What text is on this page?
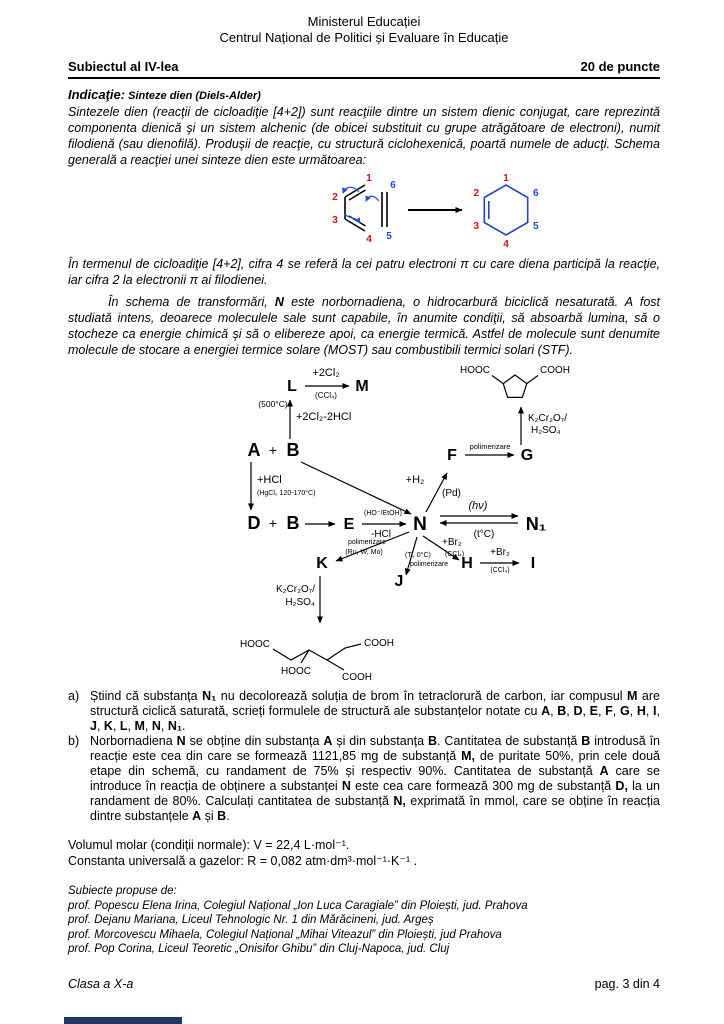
Ministerul Educației
Centrul Național de Politici și Evaluare în Educație
Subiectul al IV-lea	20 de puncte

Indicaţie: Sinteze dien (Diels-Alder)

Sintezele dien (reacţii de cicloadiţie [4+2]) sunt reacţiile dintre un sistem dienic conjugat, care reprezintă componenta dienică şi un sistem alchenic (de obicei substituit cu grupe atrăgătoare de electroni), numit filodienă (sau dienofilă). Produşii de reacţie, cu structură ciclohexenică, poartă numele de aducţi. Schema generală a reacţiei unei sinteze dien este următoarea:

1
2
3
4
6
5
1
6
5
4
3
2

În termenul de cicloadiţie [4+2], cifra 4 se referă la cei patru electroni π cu care diena participă la reacţie, iar cifra 2 la electronii π ai filodienei.

În schema de transformări, N este norbornadiena, o hidrocarbură biciclică nesaturată. A fost studiată intens, deoarece moleculele sale sunt capabile, în anumite condiţii, să absoarbă lumina, să o stocheze ca energie chimică şi să o elibereze apoi, ca energie termică. Astfel de molecule sunt denumite molecule de stocare a energiei termice solare (MOST) sau combustibili termici solari (STF).

L	M
A + B
D + B	E	N
F	G
N₁
H	I
K
J
+2Cl₂
(CCl₄)
(500°C)
+2Cl₂-2HCl
+HCl
(HgCl₂ 120-170°C)
(HO⁻/EtOH)
-HCl
+H₂
(Pd)
polimerizare
K₂Cr₂O₇/
H₂SO₄
(hν)
(t°C)
+Br₂
(CCl₄)	+Br₂
(CCl₄)
polimerizare
(Ru, W, Mo)	(Ti, 0°C)
polimerizare
K₂Cr₂O₇/
H₂SO₄
HOOC	COOH
HOOC	COOH
HOOC
COOH
a) Știind că substanța N₁ nu decolorează soluția de brom în tetraclorură de carbon, iar compusul M are structură ciclică saturată, scrieți formulele de structură ale substanțelor notate cu A, B, D, E, F, G, H, I, J, K, L, M, N, N₁.
b) Norbornadiena N se obține din substanța A și din substanța B. Cantitatea de substanță B introdusă în reacție este cea din care se formează 1121,85 mg de substanță M, de puritate 50%, prin cele două etape din schemă, cu randament de 75% și respectiv 90%. Cantitatea de substanță A care se introduce în reacția de obținere a substanței N este cea care formează 300 mg de substanță D, la un randament de 80%. Calculați cantitatea de substanță N, exprimată în mmol, care se obține în reacția dintre substanțele A și B.
Volumul molar (condiții normale): V = 22,4 L·mol⁻¹.
Constanta universală a gazelor: R = 0,082 atm·dm³·mol⁻¹·K⁻¹ .
Subiecte propuse de:
prof. Popescu Elena Irina, Colegiul Național „Ion Luca Caragiale” din Ploiești, jud. Prahova
prof. Dejanu Mariana, Liceul Tehnologic Nr. 1 din Mărăcineni, jud. Argeș
prof. Morcovescu Mihaela, Colegiul Național „Mihai Viteazul” din Ploiești, jud Prahova
prof. Pop Corina, Liceul Teoretic „Onisifor Ghibu” din Cluj-Napoca, jud. Cluj
Clasa a X-a	pag. 3 din 4
